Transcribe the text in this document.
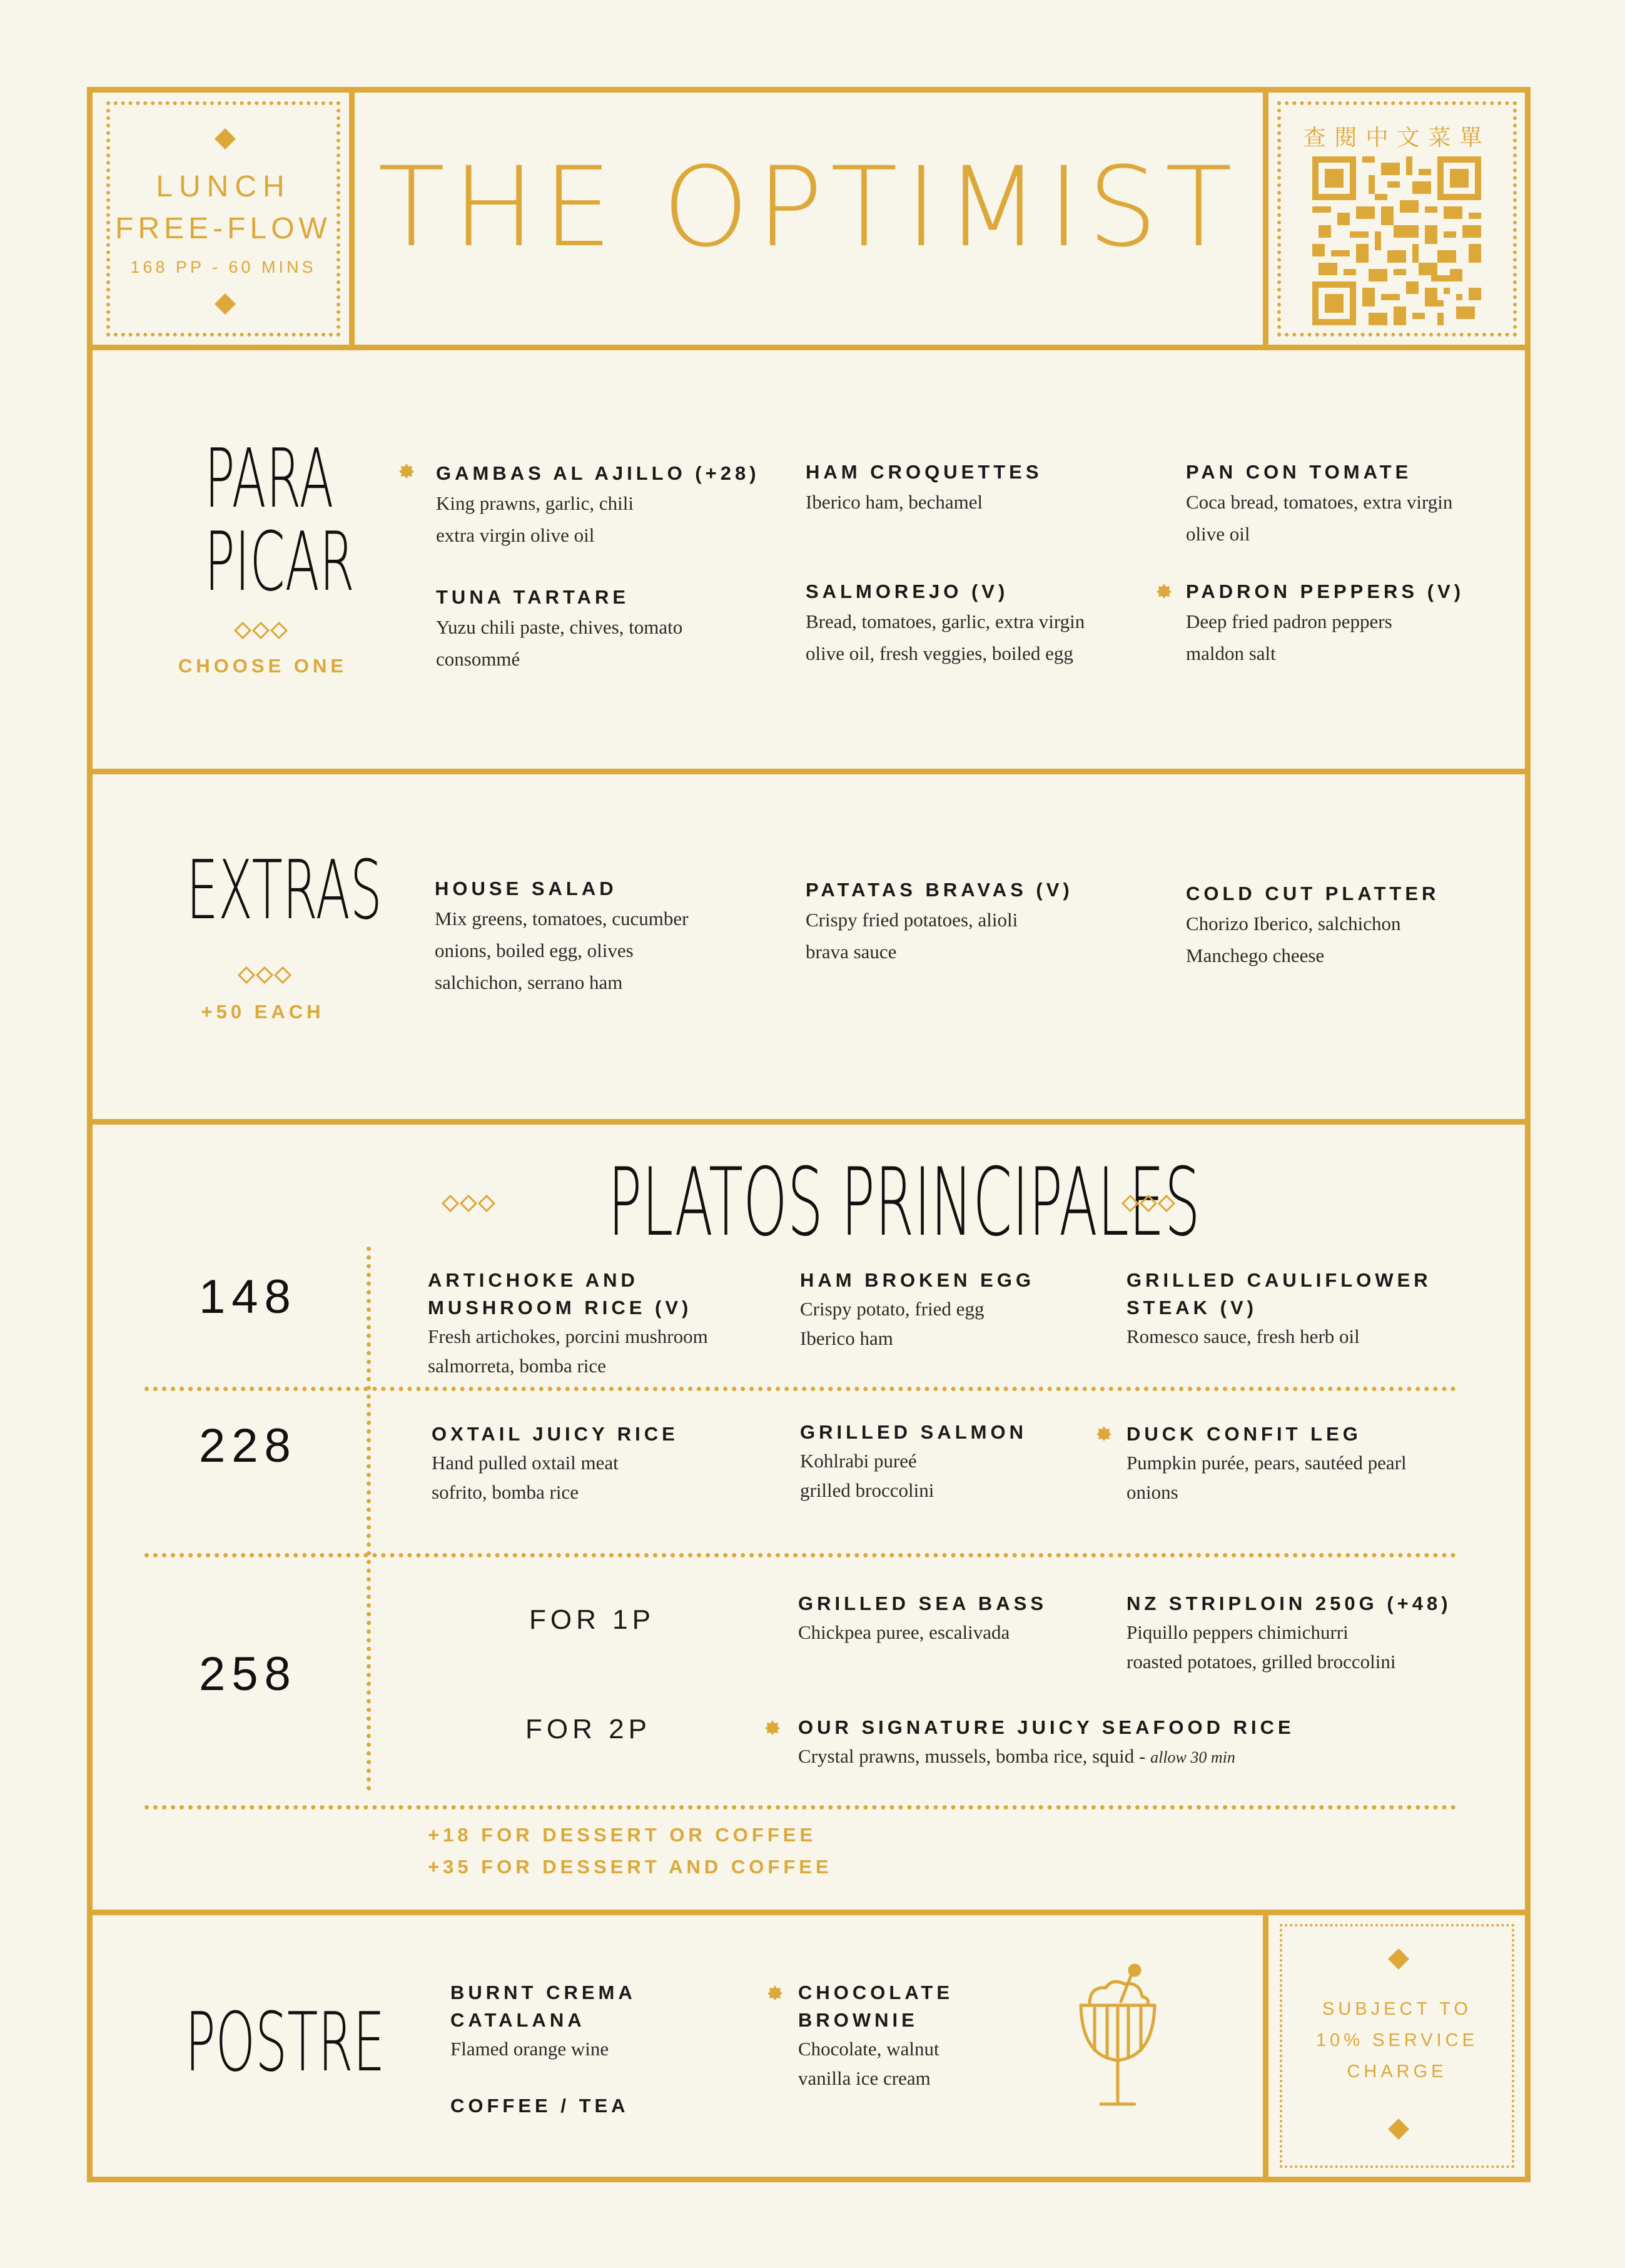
LUNCH
FREE-FLOW
168 PP - 60 MINS THE OPTIMIST
查閱中文菜單
PARA
PICAR
CHOOSE ONE
GAMBAS AL AJILLO (+28)
King prawns, garlic, chili
extra virgin olive oil
HAM CROQUETTES
Iberico ham, bechamel
PAN CON TOMATE
Coca bread, tomatoes, extra virgin
olive oil
TUNA TARTARE
Yuzu chili paste, chives, tomato
consommé
SALMOREJO (V)
Bread, tomatoes, garlic, extra virgin
olive oil, fresh veggies, boiled egg
PADRON PEPPERS (V)
Deep fried padron peppers
maldon salt
EXTRAS
+50 EACH
HOUSE SALAD
Mix greens, tomatoes, cucumber
onions, boiled egg, olives
salchichon, serrano ham
PATATAS BRAVAS (V)
Crispy fried potatoes, alioli
brava sauce
COLD CUT PLATTER
Chorizo Iberico, salchichon
Manchego cheese
PLATOS PRINCIPALES
148	ARTICHOKE AND
MUSHROOM RICE (V)
Fresh artichokes, porcini mushroom
salmorreta, bomba rice
HAM BROKEN EGG
Crispy potato, fried egg
Iberico ham
GRILLED CAULIFLOWER
STEAK (V)
Romesco sauce, fresh herb oil
228	OXTAIL JUICY RICE
Hand pulled oxtail meat
sofrito, bomba rice
GRILLED SALMON
Kohlrabi pureé
grilled broccolini
DUCK CONFIT LEG
Pumpkin purée, pears, sautéed pearl
onions
258
FOR 1P
FOR 2P
GRILLED SEA BASS
Chickpea puree, escalivada
NZ STRIPLOIN 250G (+48)
Piquillo peppers chimichurri
roasted potatoes, grilled broccolini
OUR SIGNATURE JUICY SEAFOOD RICE
Crystal prawns, mussels, bomba rice, squid - allow 30 min
+18 FOR DESSERT OR COFFEE
+35 FOR DESSERT AND COFFEE
POSTRE
BURNT CREMA
CATALANA
Flamed orange wine
COFFEE / TEA
CHOCOLATE
BROWNIE
Chocolate, walnut
vanilla ice cream
SUBJECT TO
10% SERVICE
CHARGE
